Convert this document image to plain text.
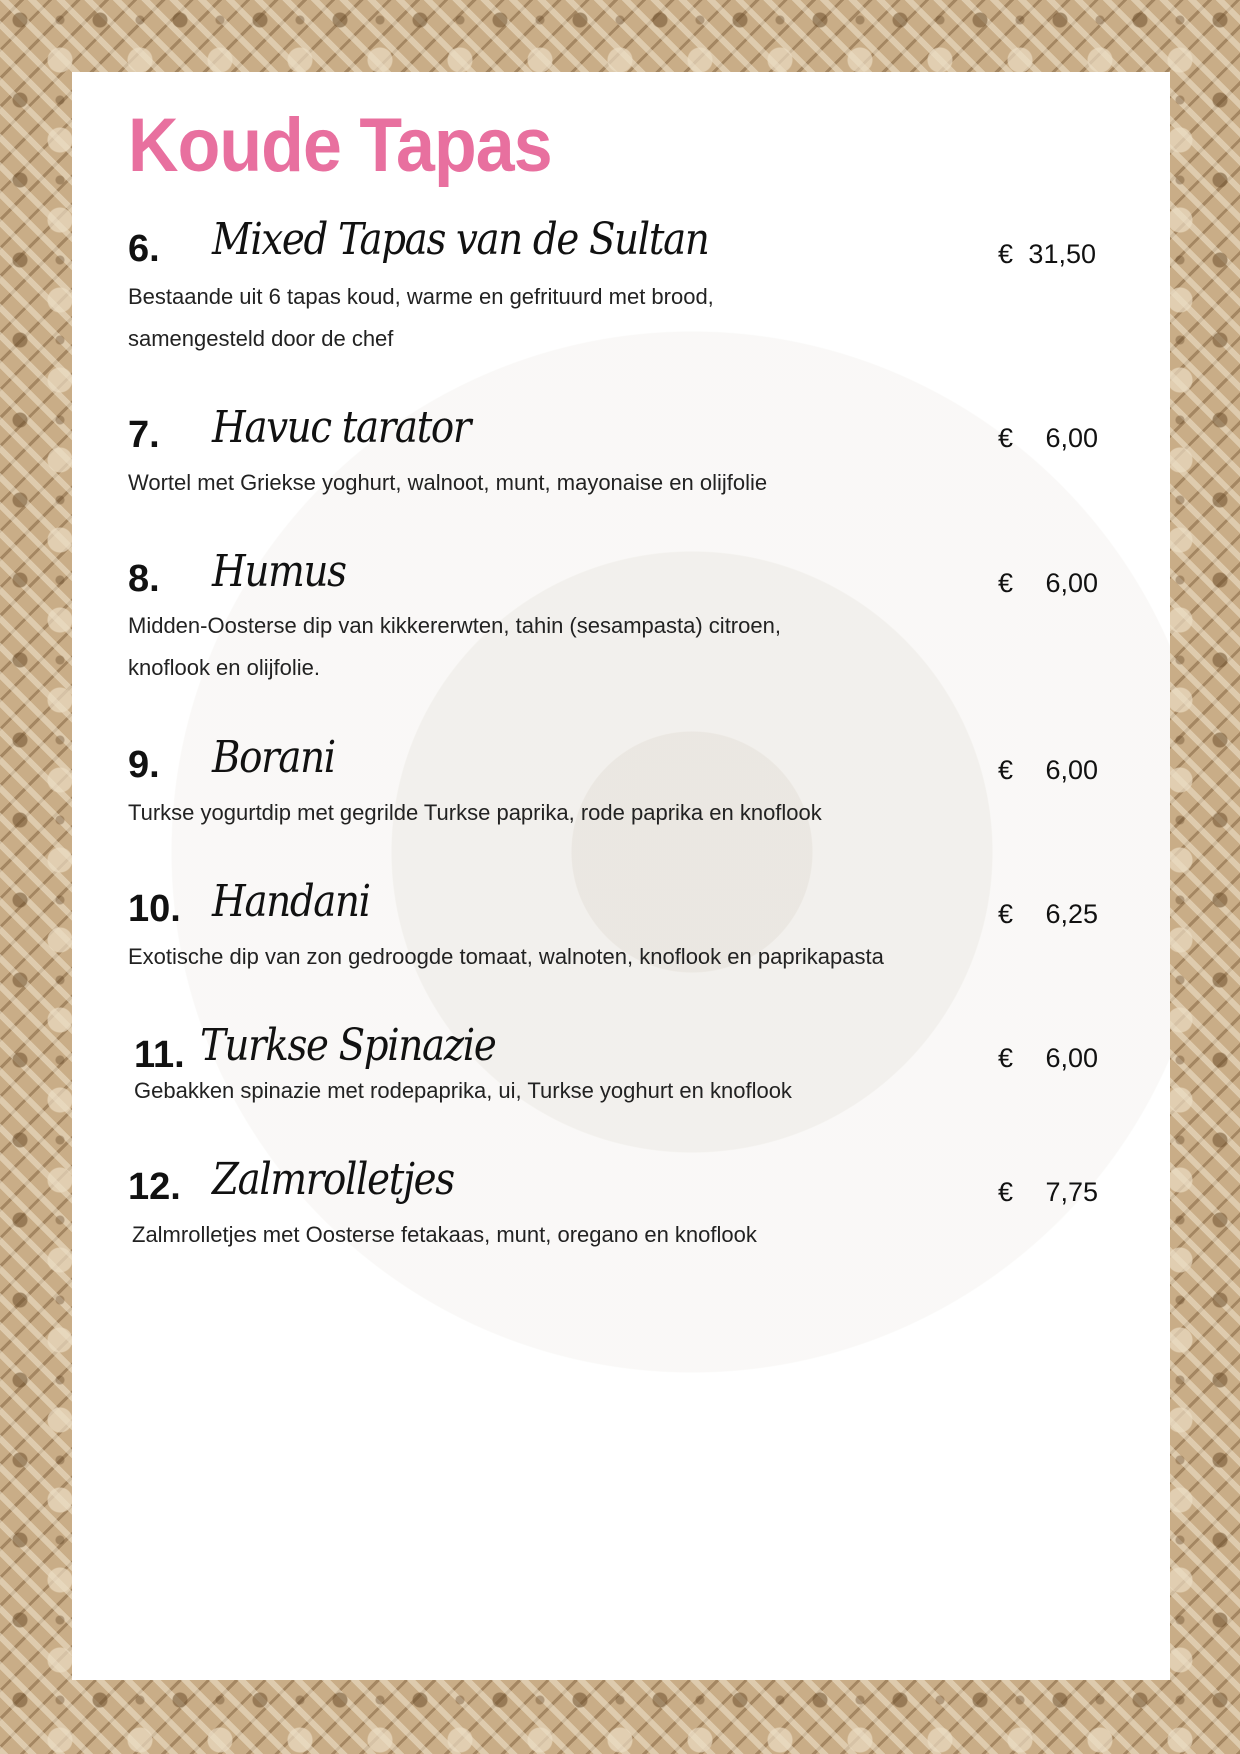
Koude Tapas
6. Mixed Tapas van de Sultan	€ 31,50

Bestaande uit 6 tapas koud, warme en gefrituurd met brood,
samengesteld door de chef

7. Havuc tarator	€ 6,00

Wortel met Griekse yoghurt, walnoot, munt, mayonaise en olijfolie

8. Humus	€ 6,00

Midden-Oosterse dip van kikkererwten, tahin (sesampasta) citroen,
knoflook en olijfolie.

9. Borani	€ 6,00

Turkse yogurtdip met gegrilde Turkse paprika, rode paprika en knoflook

10. Handani	€ 6,25

Exotische dip van zon gedroogde tomaat, walnoten, knoflook en paprikapasta

11. Turkse Spinazie	€ 6,00

Gebakken spinazie met rodepaprika, ui, Turkse yoghurt en knoflook

12. Zalmrolletjes	€ 7,75

Zalmrolletjes met Oosterse fetakaas, munt, oregano en knoflook
